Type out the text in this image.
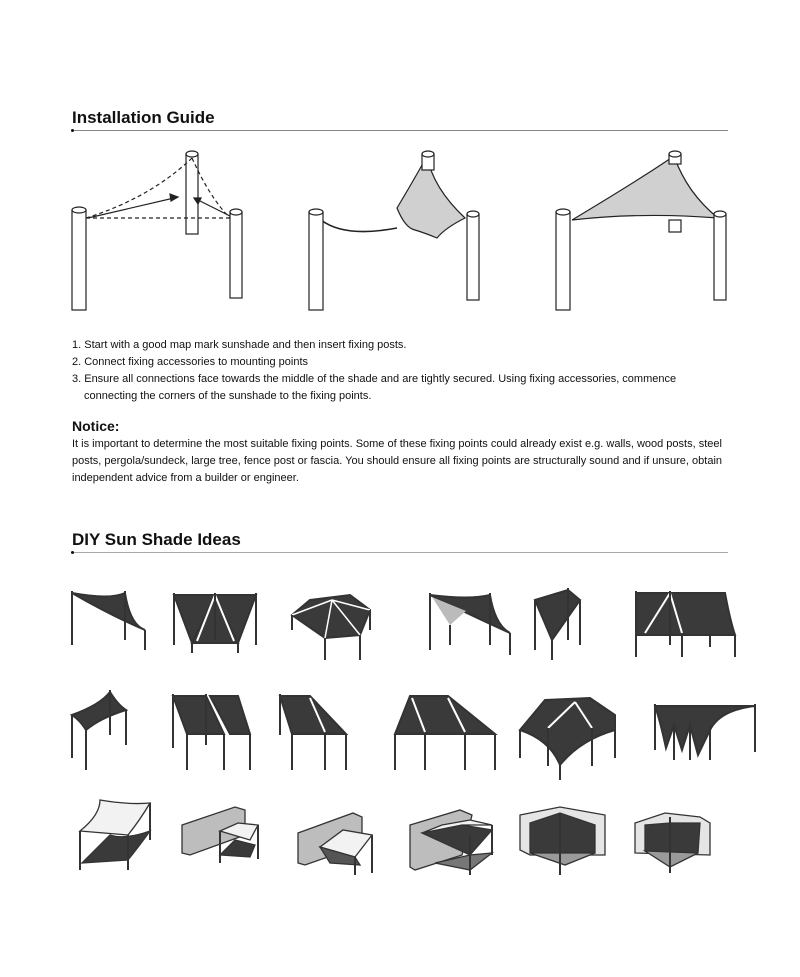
Installation Guide
1. Start with a good map mark sunshade and then insert fixing posts.
2. Connect fixing accessories to mounting points
3. Ensure all connections face towards the middle of the shade and are tightly secured. Using fixing accessories, commence connecting the corners of the sunshade to the fixing points.
Notice:
It is important to determine the most suitable fixing points. Some of these fixing points could already exist e.g. walls, wood posts, steel posts, pergola/sundeck, large tree, fence post or fascia. You should ensure all fixing points are structurally sound and if unsure, obtain independent advice from a builder or engineer.
DIY Sun Shade Ideas
